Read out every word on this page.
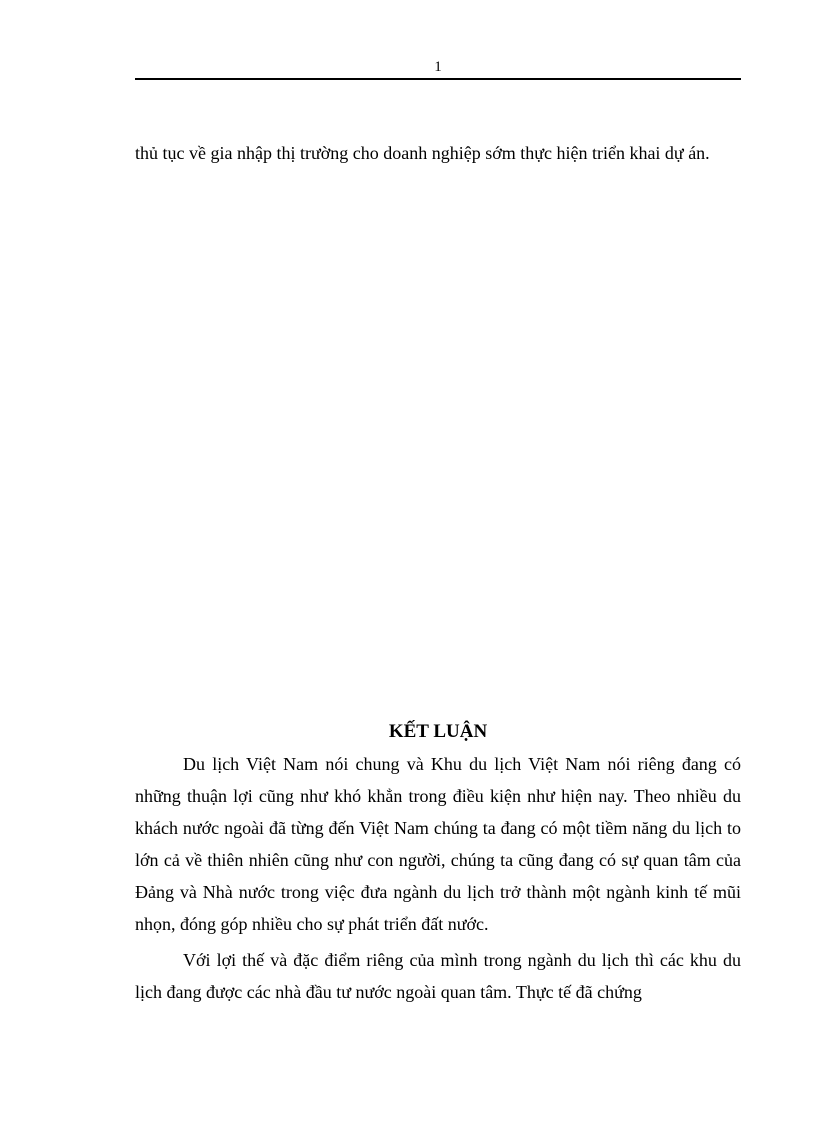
1

thủ tục về gia nhập thị trường cho doanh nghiệp sớm thực hiện triển khai dự án.

KẾT LUẬN

Du lịch Việt Nam nói chung và Khu du lịch Việt Nam nói riêng đang có những thuận lợi cũng như khó khẳn trong điều kiện như hiện nay. Theo nhiều du khách nước ngoài đã từng đến Việt Nam chúng ta đang có một tiềm năng du lịch to lớn cả về thiên nhiên cũng như con người, chúng ta cũng đang có sự quan tâm của Đảng và Nhà nước trong việc đưa ngành du lịch trở thành một ngành kinh tế mũi nhọn, đóng góp nhiều cho sự phát triển đất nước.

Với lợi thế và đặc điểm riêng của mình trong ngành du lịch thì các khu du lịch đang được các nhà đầu tư nước ngoài quan tâm. Thực tế đã chứng
